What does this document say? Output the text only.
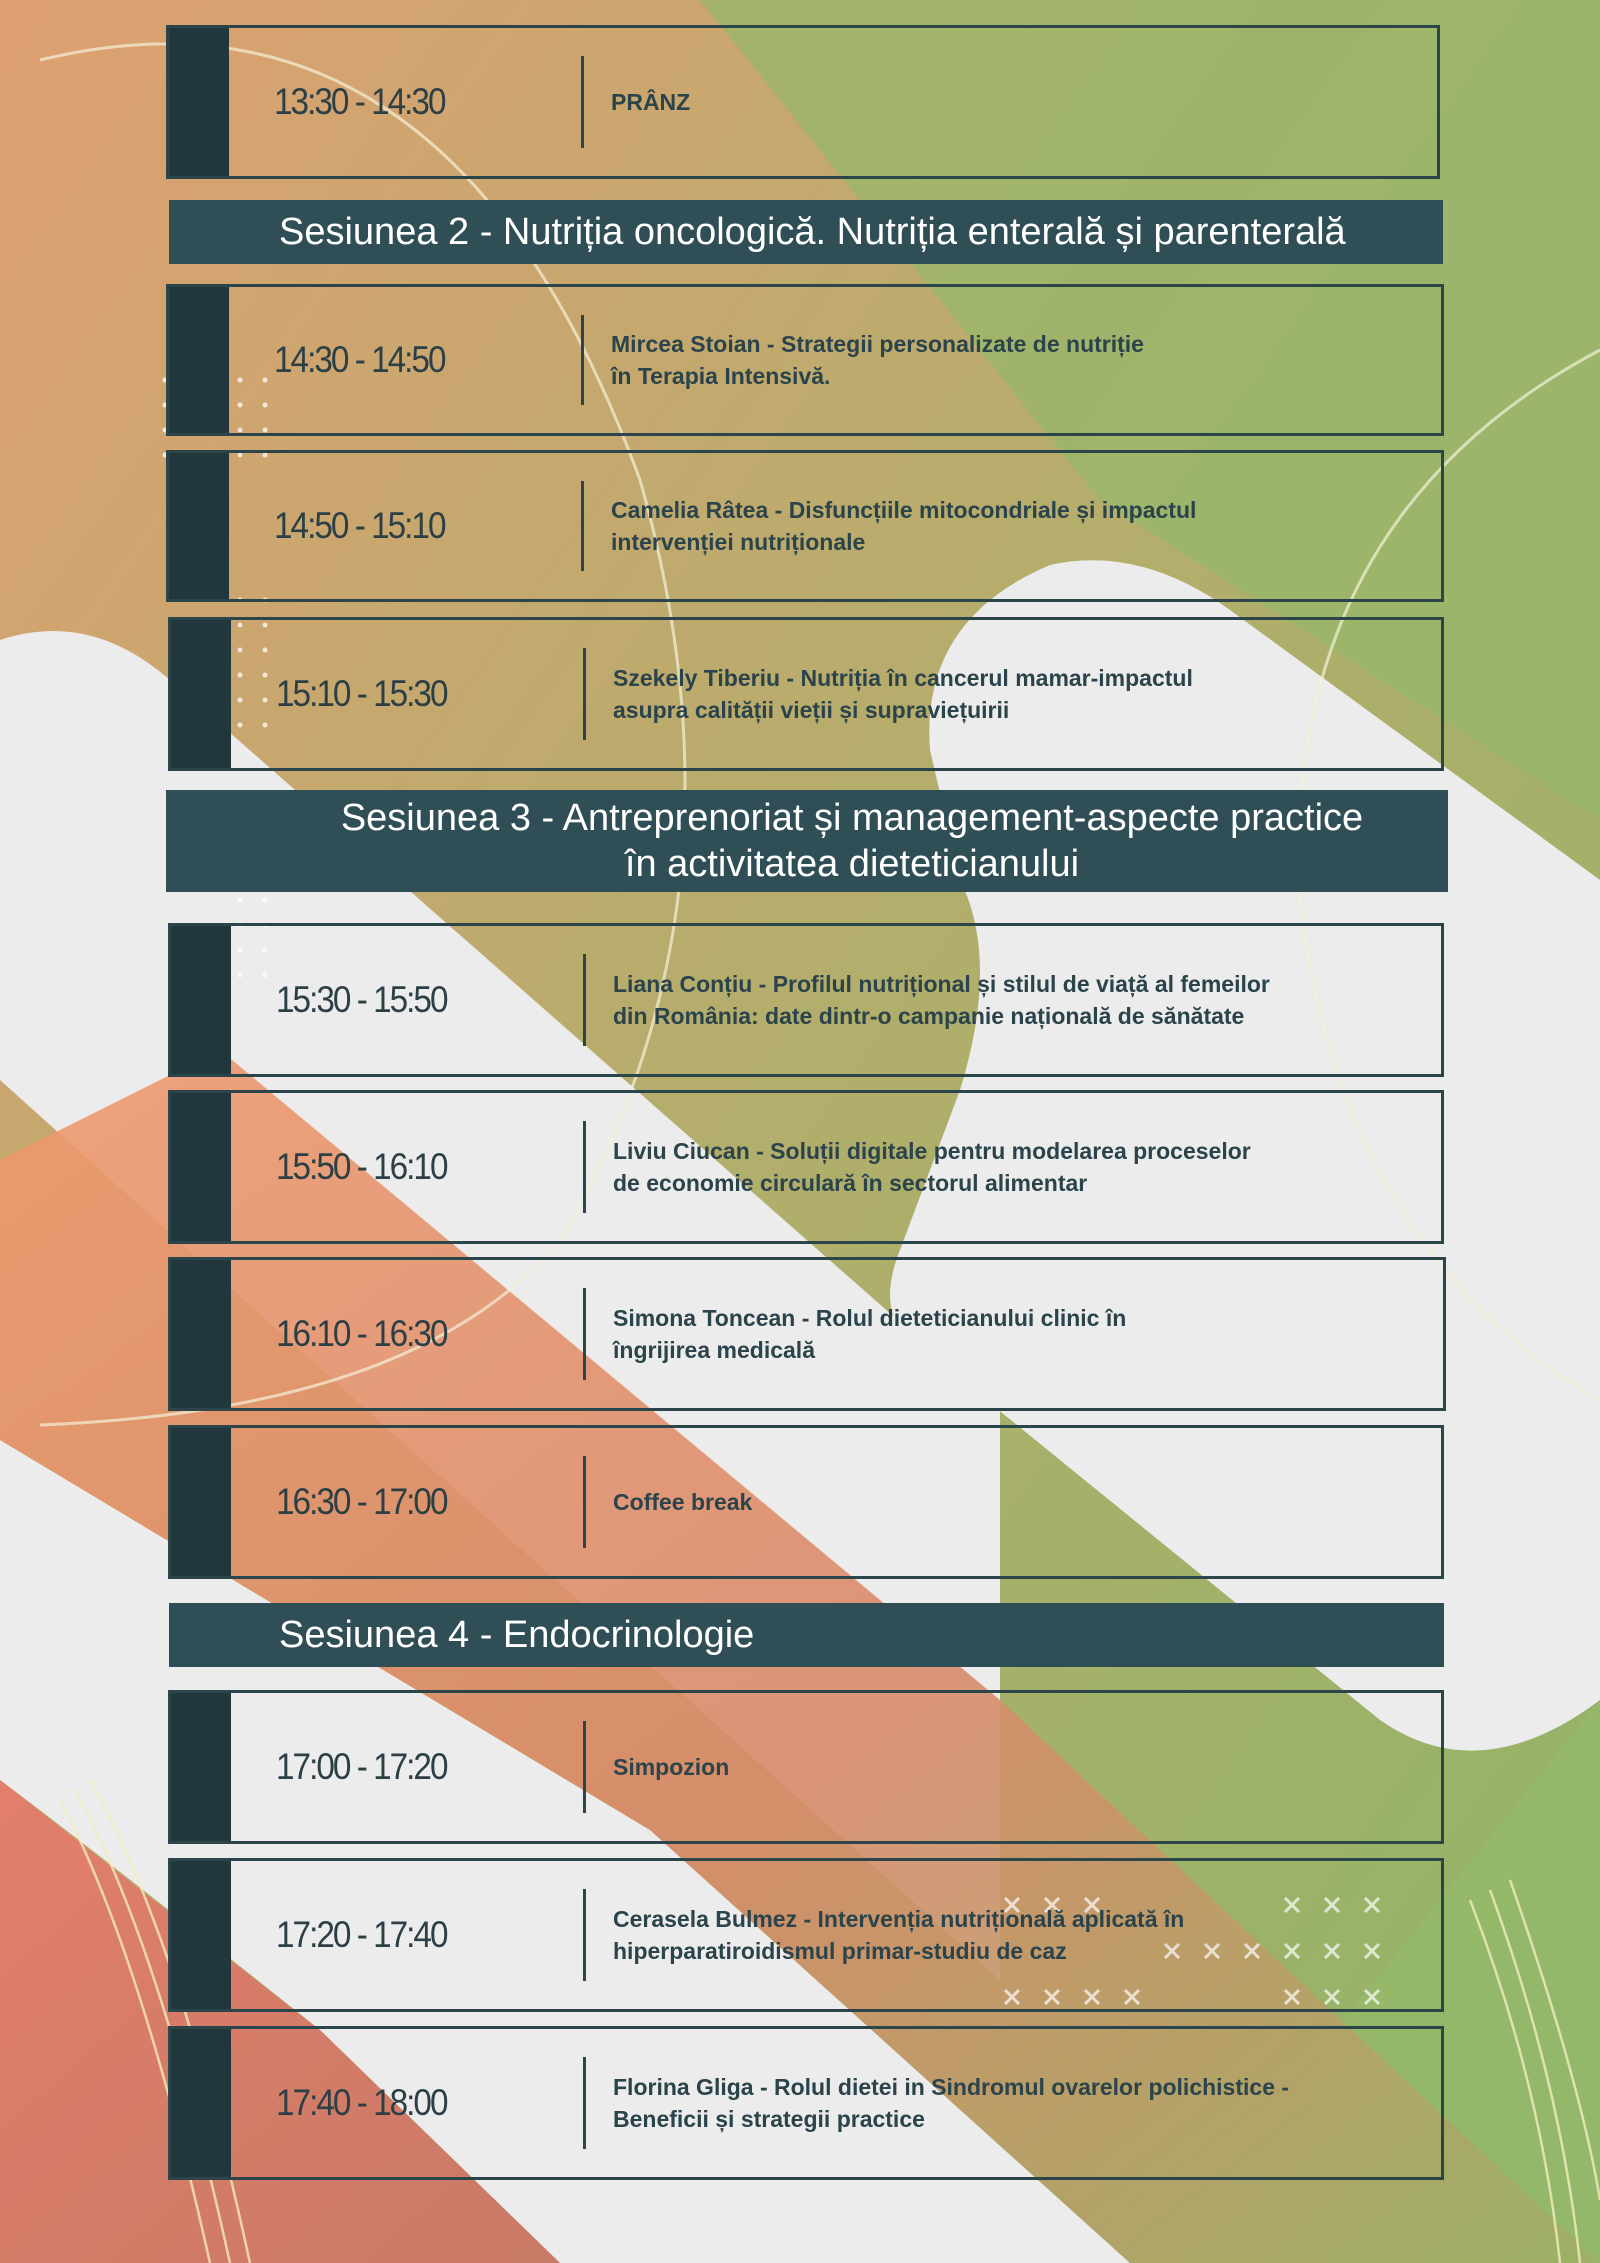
13:30 - 14:30	PRÂNZ
Sesiunea 2 - Nutriția oncologică. Nutriția enterală și parenterală
14:30 - 14:50	Mircea Stoian - Strategii personalizate de nutriție
în Terapia Intensivă.
14:50 - 15:10	Camelia Râtea - Disfuncțiile mitocondriale și impactul
intervenției nutriționale
15:10 - 15:30	Szekely Tiberiu - Nutriția în cancerul mamar-impactul
asupra calității vieții și supraviețuirii
Sesiunea 3 - Antreprenoriat și management-aspecte practice
în activitatea dieteticianului
15:30 - 15:50	Liana Conțiu - Profilul nutrițional și stilul de viață al femeilor
din România: date dintr-o campanie națională de sănătate
15:50 - 16:10	Liviu Ciucan - Soluții digitale pentru modelarea proceselor
de economie circulară în sectorul alimentar
16:10 - 16:30	Simona Toncean - Rolul dieteticianului clinic în
îngrijirea medicală
16:30 - 17:00	Coffee break
Sesiunea 4 - Endocrinologie
17:00 - 17:20	Simpozion
17:20 - 17:40	Cerasela Bulmez - Intervenția nutrițională aplicată în
hiperparatiroidismul primar-studiu de caz
17:40 - 18:00	Florina Gliga - Rolul dietei in Sindromul ovarelor polichistice -
Beneficii și strategii practice
